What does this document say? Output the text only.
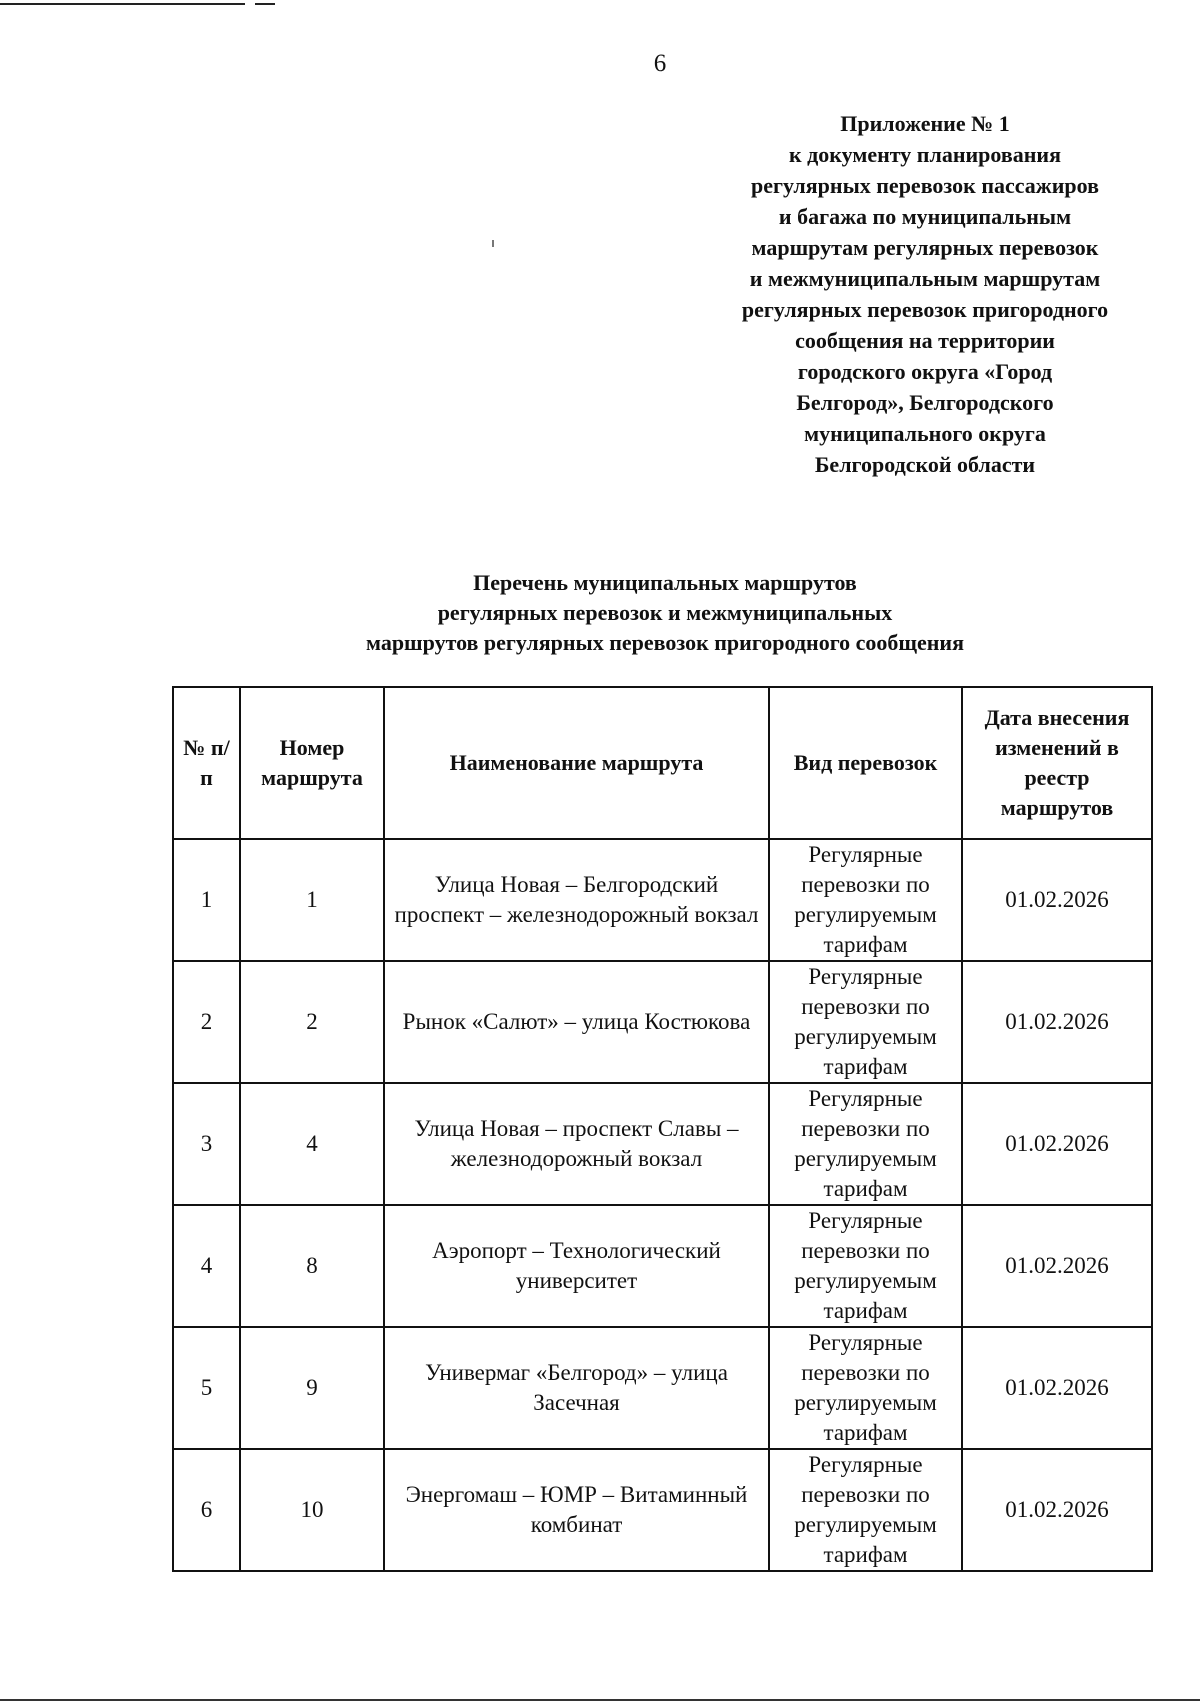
6
Приложение № 1
к документу планирования
регулярных перевозок пассажиров
и багажа по муниципальным
маршрутам регулярных перевозок
и межмуниципальным маршрутам
регулярных перевозок пригородного
сообщения на территории
городского округа «Город
Белгород», Белгородского
муниципального округа
Белгородской области
Перечень муниципальных маршрутов
регулярных перевозок и межмуниципальных
маршрутов регулярных перевозок пригородного сообщения
№ п/п	Номер маршрута	Наименование маршрута	Вид перевозок	Дата внесения изменений в реестр маршрутов
1	1	Улица Новая – Белгородский проспект – железнодорожный вокзал	Регулярные перевозки по регулируемым тарифам	01.02.2026
2	2	Рынок «Салют» – улица Костюкова	Регулярные перевозки по регулируемым тарифам	01.02.2026
3	4	Улица Новая – проспект Славы – железнодорожный вокзал	Регулярные перевозки по регулируемым тарифам	01.02.2026
4	8	Аэропорт – Технологический университет	Регулярные перевозки по регулируемым тарифам	01.02.2026
5	9	Универмаг «Белгород» – улица Засечная	Регулярные перевозки по регулируемым тарифам	01.02.2026
6	10	Энергомаш – ЮМР – Витаминный комбинат	Регулярные перевозки по регулируемым тарифам	01.02.2026
